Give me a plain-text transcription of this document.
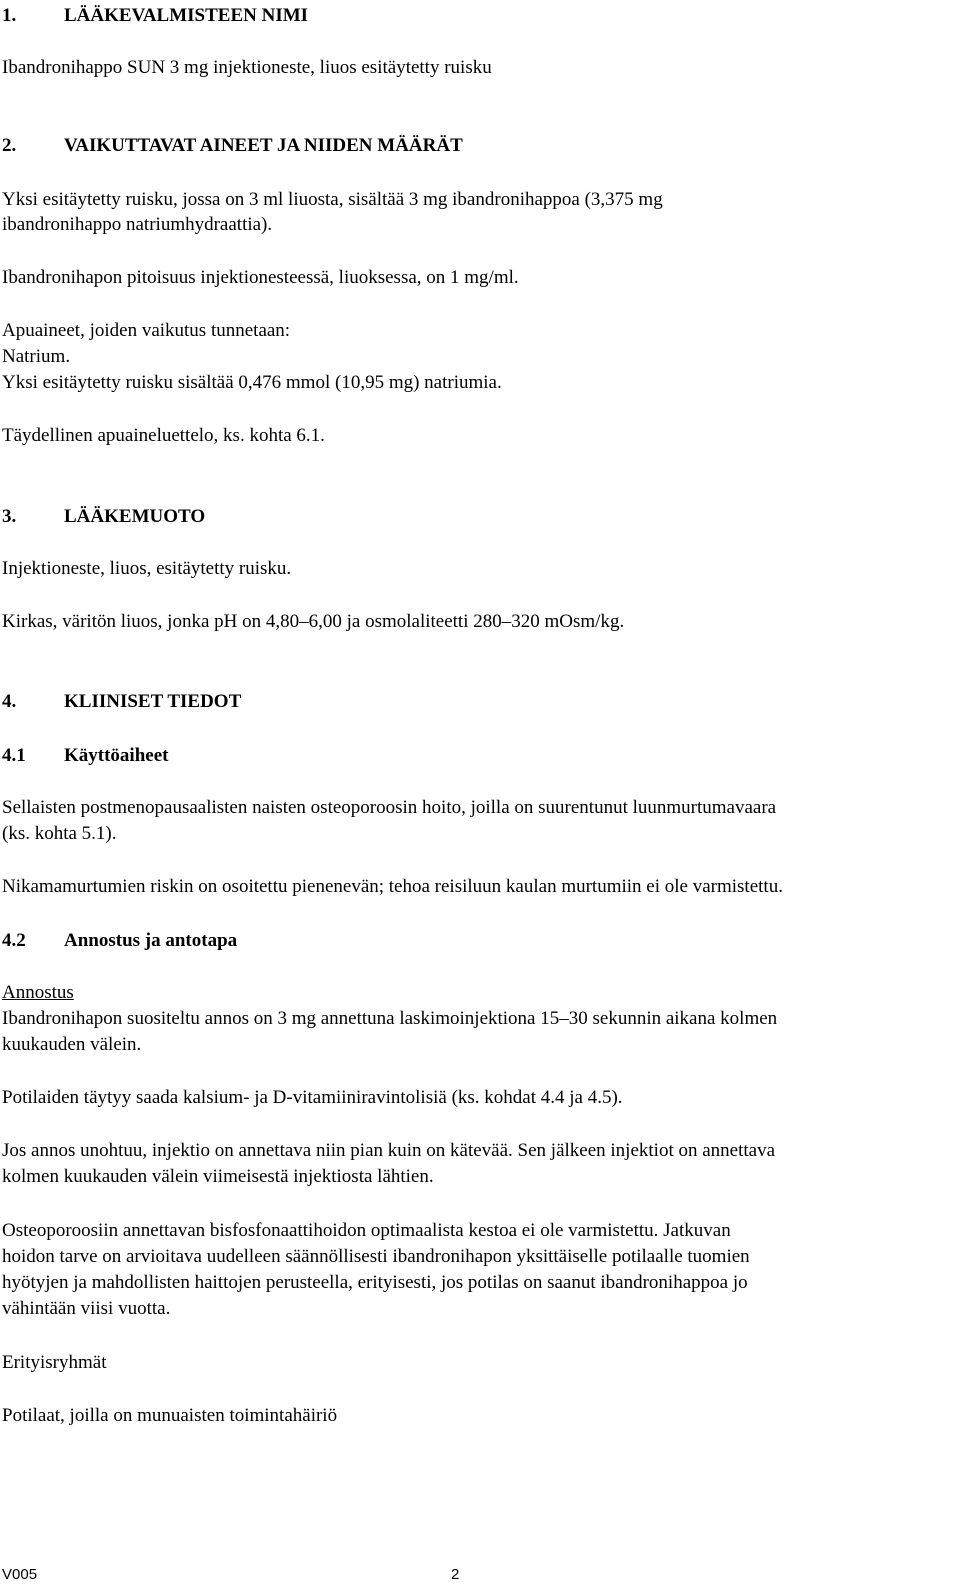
1.	LÄÄKEVALMISTEEN NIMI
Ibandronihappo SUN 3 mg injektioneste, liuos esitäytetty ruisku
2.	VAIKUTTAVAT AINEET JA NIIDEN MÄÄRÄT
Yksi esitäytetty ruisku, jossa on 3 ml liuosta, sisältää 3 mg ibandronihappoa (3,375 mg
ibandronihappo natriumhydraattia).
Ibandronihapon pitoisuus injektionesteessä, liuoksessa, on 1 mg/ml.
Apuaineet, joiden vaikutus tunnetaan:
Natrium.
Yksi esitäytetty ruisku sisältää 0,476 mmol (10,95 mg) natriumia.
Täydellinen apuaineluettelo, ks. kohta 6.1.
3.	LÄÄKEMUOTO
Injektioneste, liuos, esitäytetty ruisku.
Kirkas, väritön liuos, jonka pH on 4,80–6,00 ja osmolaliteetti 280–320 mOsm/kg.
4.	KLIINISET TIEDOT
4.1 Käyttöaiheet
Sellaisten postmenopausaalisten naisten osteoporoosin hoito, joilla on suurentunut luunmurtumavaara
(ks. kohta 5.1).
Nikamamurtumien riskin on osoitettu pienenevän; tehoa reisiluun kaulan murtumiin ei ole varmistettu.
4.2 Annostus ja antotapa
Annostus
Ibandronihapon suositeltu annos on 3 mg annettuna laskimoinjektiona 15–30 sekunnin aikana kolmen
kuukauden välein.
Potilaiden täytyy saada kalsium- ja D-vitamiiniravintolisiä (ks. kohdat 4.4 ja 4.5).
Jos annos unohtuu, injektio on annettava niin pian kuin on kätevää. Sen jälkeen injektiot on annettava
kolmen kuukauden välein viimeisestä injektiosta lähtien.
Osteoporoosiin annettavan bisfosfonaattihoidon optimaalista kestoa ei ole varmistettu. Jatkuvan
hoidon tarve on arvioitava uudelleen säännöllisesti ibandronihapon yksittäiselle potilaalle tuomien
hyötyjen ja mahdollisten haittojen perusteella, erityisesti, jos potilas on saanut ibandronihappoa jo
vähintään viisi vuotta.
Erityisryhmät
Potilaat, joilla on munuaisten toimintahäiriö
V005	2
